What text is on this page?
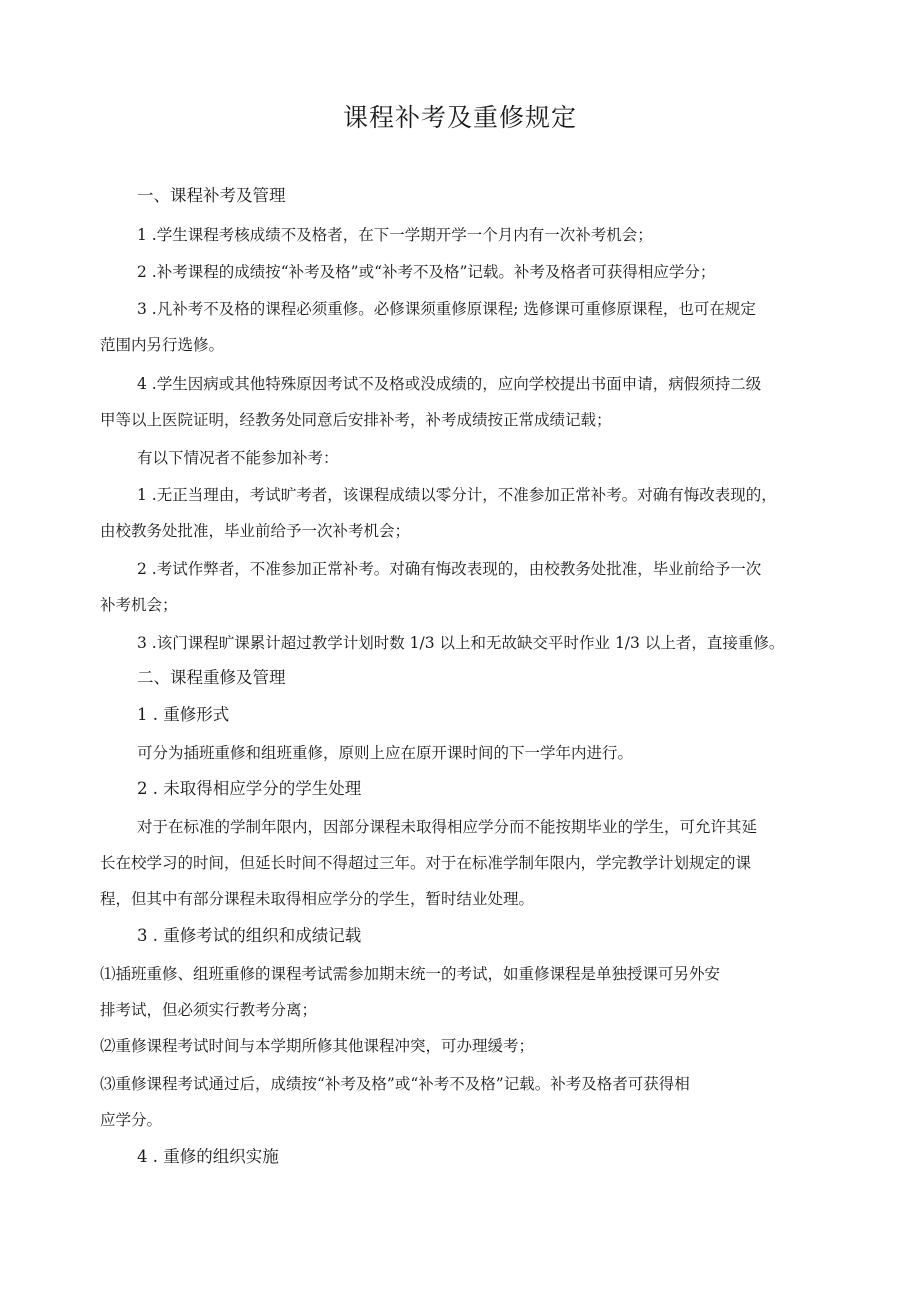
课程补考及重修规定
一、课程补考及管理
1 .学生课程考核成绩不及格者，在下一学期开学一个月内有一次补考机会；
2 .补考课程的成绩按“补考及格”或“补考不及格”记载。补考及格者可获得相应学分；
3 .凡补考不及格的课程必须重修。必修课须重修原课程; 选修课可重修原课程，也可在规定
范围内另行选修。
4 .学生因病或其他特殊原因考试不及格或没成绩的，应向学校提出书面申请，病假须持二级
甲等以上医院证明，经教务处同意后安排补考，补考成绩按正常成绩记载；
有以下情况者不能参加补考：
1 .无正当理由，考试旷考者，该课程成绩以零分计，不准参加正常补考。对确有悔改表现的，
由校教务处批准，毕业前给予一次补考机会；
2 .考试作弊者，不准参加正常补考。对确有悔改表现的，由校教务处批准，毕业前给予一次
补考机会；
3 .该门课程旷课累计超过教学计划时数 1/3 以上和无故缺交平时作业 1/3 以上者，直接重修。
二、课程重修及管理
1 . 重修形式
可分为插班重修和组班重修，原则上应在原开课时间的下一学年内进行。
2 . 未取得相应学分的学生处理
对于在标准的学制年限内，因部分课程未取得相应学分而不能按期毕业的学生，可允许其延
长在校学习的时间，但延长时间不得超过三年。对于在标准学制年限内，学完教学计划规定的课
程，但其中有部分课程未取得相应学分的学生，暂时结业处理。
3 . 重修考试的组织和成绩记载
⑴插班重修、组班重修的课程考试需参加期末统一的考试，如重修课程是单独授课可另外安
排考试，但必须实行教考分离；
⑵重修课程考试时间与本学期所修其他课程冲突，可办理缓考；
⑶重修课程考试通过后，成绩按“补考及格”或“补考不及格”记载。补考及格者可获得相
应学分。
4 . 重修的组织实施
